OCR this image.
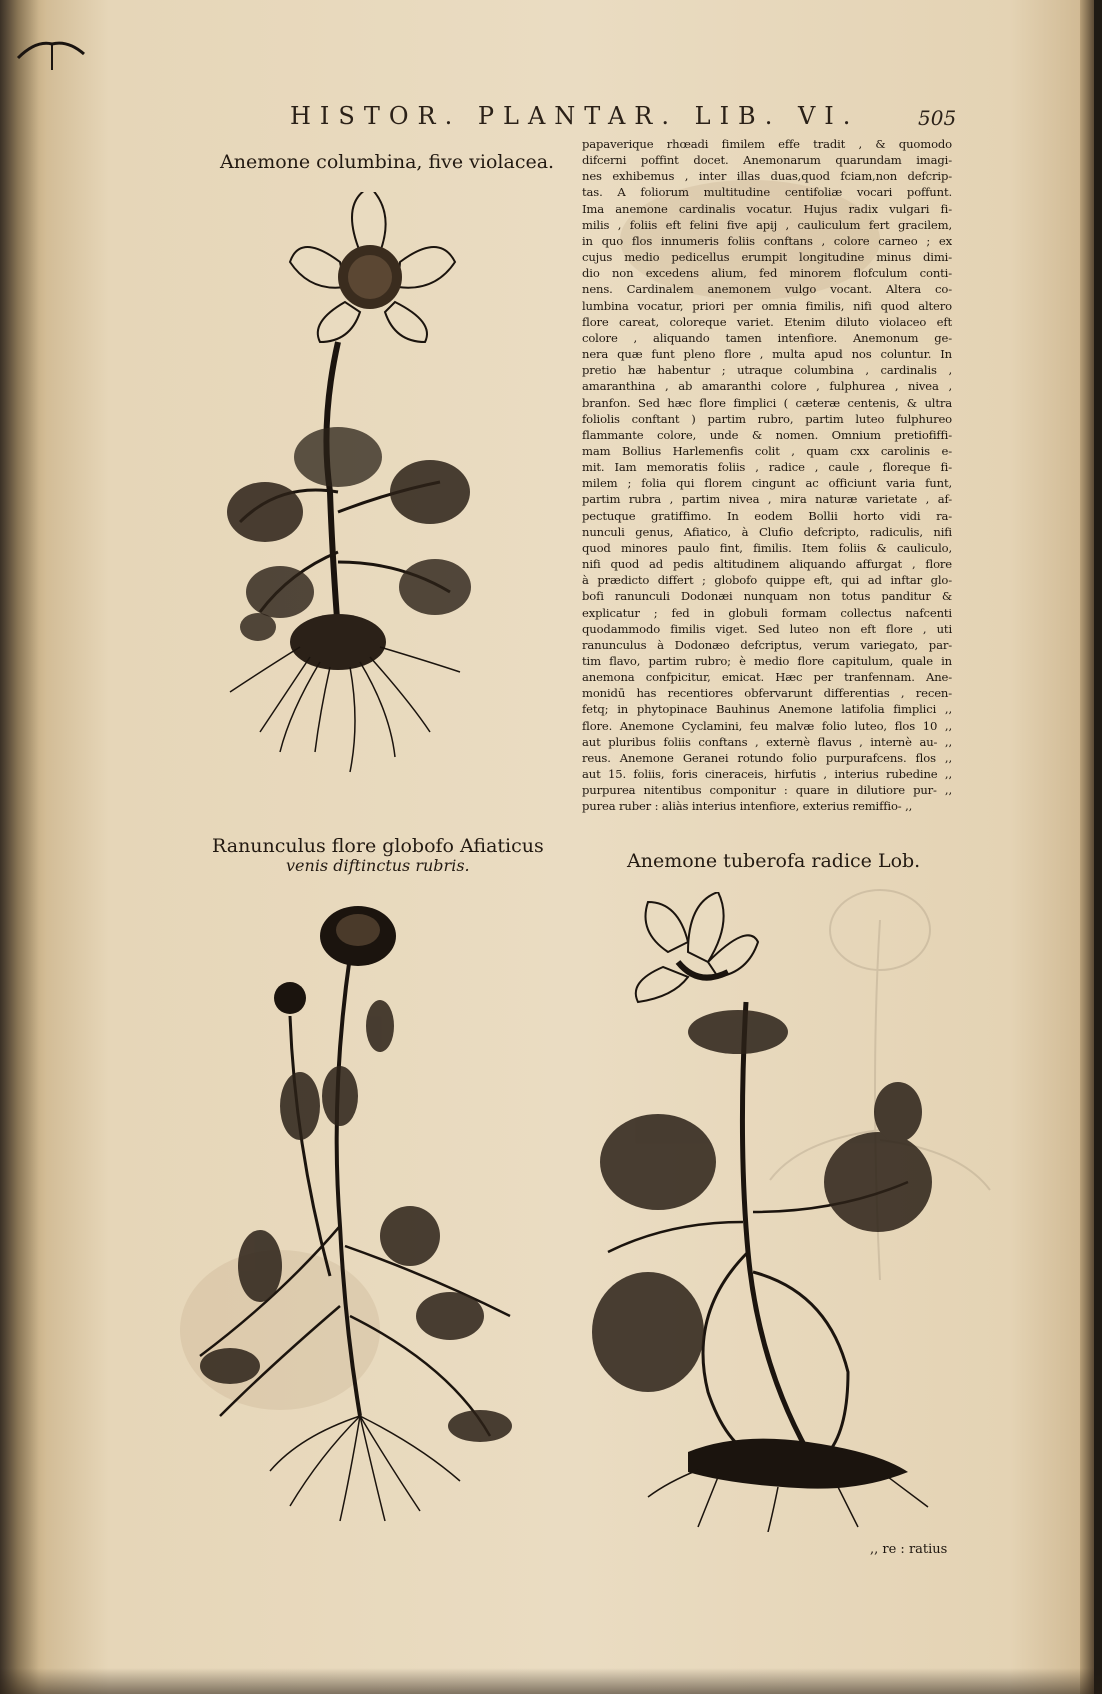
HISTOR. PLANTAR. LIB. VI.	505
Anemone columbina, five violacea.
Ranunculus flore globofo Afiaticus
venis diftinctus rubris.	Anemone tuberofa radice Lob.

papaverique rhœadi fimilem effe tradit , & quomodo

difcerni poffint docet. Anemonarum quarundam imagi-

nes exhibemus , inter illas duas,quod fciam,non defcrip-

tas. A foliorum multitudine centifoliæ vocari poffunt.

Ima anemone cardinalis vocatur. Hujus radix vulgari fi-

milis , foliis eft felini five apij , cauliculum fert gracilem,

in quo flos innumeris foliis conftans , colore carneo ; ex

cujus medio pedicellus erumpit longitudine minus dimi-

dio non excedens alium, fed minorem flofculum conti-

nens. Cardinalem anemonem vulgo vocant. Altera co-

lumbina vocatur, priori per omnia fimilis, nifi quod altero

flore careat, coloreque variet. Etenim diluto violaceo eft

colore , aliquando tamen intenfiore. Anemonum ge-

nera quæ funt pleno flore , multa apud nos coluntur. In

pretio hæ habentur ; utraque columbina , cardinalis ,

amaranthina , ab amaranthi colore , fulphurea , nivea ,

branfon. Sed hæc flore fimplici ( cæteræ centenis, & ultra

foliolis conftant ) partim rubro, partim luteo fulphureo

flammante colore, unde & nomen. Omnium pretiofiffi-

mam Bollius Harlemenfis colit , quam cxx carolinis e-

mit. Iam memoratis foliis , radice , caule , floreque fi-

milem ; folia qui florem cingunt ac officiunt varia funt,

partim rubra , partim nivea , mira naturæ varietate , af-

pectuque gratiffimo. In eodem Bollii horto vidi ra-

nunculi genus, Afiatico, à Clufio defcripto, radiculis, nifi

quod minores paulo fint, fimilis. Item foliis & cauliculo,

nifi quod ad pedis altitudinem aliquando affurgat , flore

à prædicto differt ; globofo quippe eft, qui ad inftar glo-

bofi ranunculi Dodonæi nunquam non totus panditur &

explicatur ; fed in globuli formam collectus nafcenti

quodammodo fimilis viget. Sed luteo non eft flore , uti

ranunculus à Dodonæo defcriptus, verum variegato, par-

tim flavo, partim rubro; è medio flore capitulum, quale in

anemona confpicitur, emicat. Hæc per tranfennam. Ane-

monidū has recentiores obfervarunt differentias , recen-

fetq; in phytopinace Bauhinus Anemone latifolia fimplici ,,

flore. Anemone Cyclamini, feu malvæ folio luteo, flos 10 ,,

aut pluribus foliis conftans , externè flavus , internè au- ,,

reus. Anemone Geranei rotundo folio purpurafcens. flos ,,

aut 15. foliis, foris cineraceis, hirfutis , interius rubedine ,,

purpurea nitentibus componitur : quare in dilutiore pur- ,,

purea ruber : aliàs interius intenfiore, exterius remiffio- ,,

,, re : ratius
